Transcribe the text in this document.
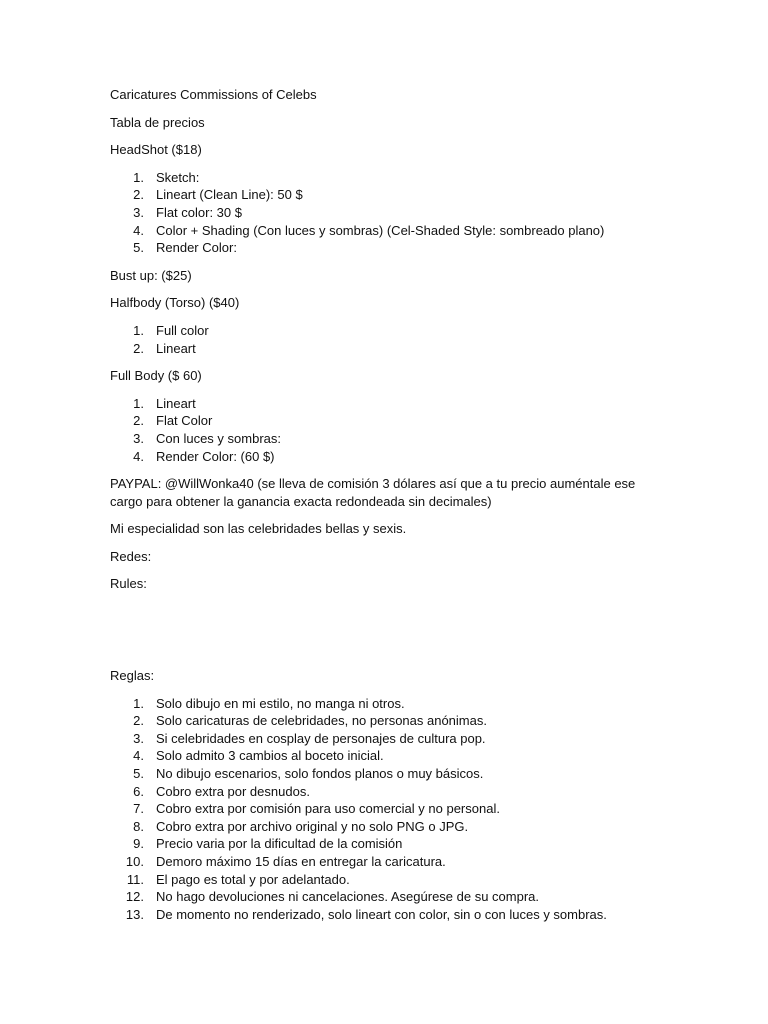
Caricatures Commissions of Celebs

Tabla de precios

HeadShot ($18)

1. Sketch:
2. Lineart (Clean Line): 50 $
3. Flat color: 30 $
4. Color + Shading (Con luces y sombras) (Cel-Shaded Style: sombreado plano)
5. Render Color:

Bust up: ($25)

Halfbody (Torso) ($40)

1. Full color
2. Lineart

Full Body ($ 60)

1. Lineart
2. Flat Color
3. Con luces y sombras:
4. Render Color: (60 $)

PAYPAL: @WillWonka40 (se lleva de comisión 3 dólares así que a tu precio auméntale ese cargo para obtener la ganancia exacta redondeada sin decimales)

Mi especialidad son las celebridades bellas y sexis.

Redes:

Rules:

Reglas:

1. Solo dibujo en mi estilo, no manga ni otros.
2. Solo caricaturas de celebridades, no personas anónimas.
3. Si celebridades en cosplay de personajes de cultura pop.
4. Solo admito 3 cambios al boceto inicial.
5. No dibujo escenarios, solo fondos planos o muy básicos.
6. Cobro extra por desnudos.
7. Cobro extra por comisión para uso comercial y no personal.
8. Cobro extra por archivo original y no solo PNG o JPG.
9. Precio varia por la dificultad de la comisión
10. Demoro máximo 15 días en entregar la caricatura.
11. El pago es total y por adelantado.
12. No hago devoluciones ni cancelaciones. Asegúrese de su compra.
13. De momento no renderizado, solo lineart con color, sin o con luces y sombras.
